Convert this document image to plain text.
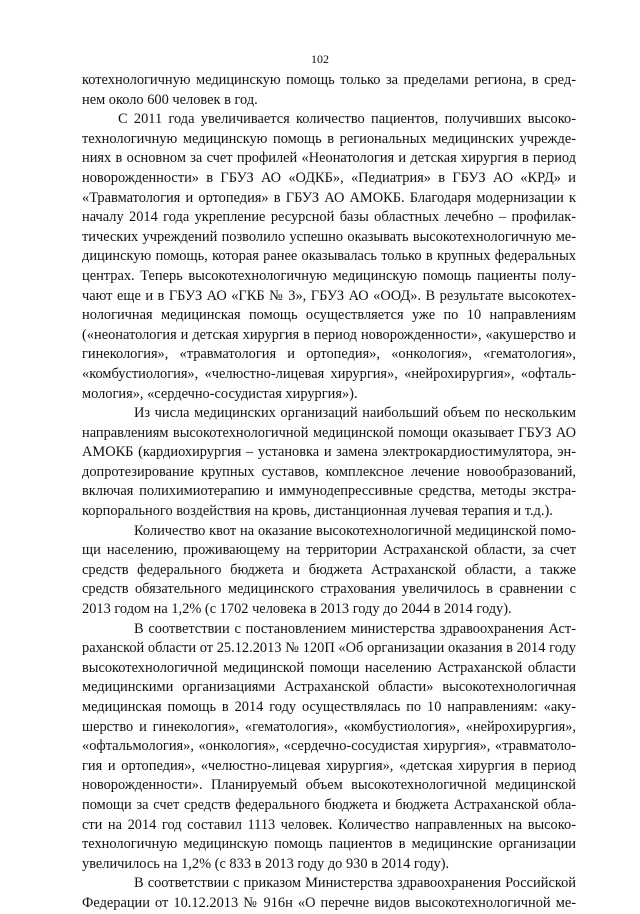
102
котехнологичную медицинскую помощь только за пределами региона, в сред-
нем около 600 человек в год.
С 2011 года увеличивается количество пациентов, получивших высоко-
технологичную медицинскую помощь в региональных медицинских учрежде-
ниях в основном за счет профилей «Неонатология и детская хирургия в период
новорожденности» в ГБУЗ АО «ОДКБ», «Педиатрия» в ГБУЗ АО «КРД» и
«Травматология и ортопедия» в ГБУЗ АО АМОКБ. Благодаря модернизации к
началу 2014 года укрепление ресурсной базы областных лечебно – профилак-
тических учреждений позволило успешно оказывать высокотехнологичную ме-
дицинскую помощь, которая ранее оказывалась только в крупных федеральных
центрах. Теперь высокотехнологичную медицинскую помощь пациенты полу-
чают еще и в ГБУЗ АО «ГКБ № 3», ГБУЗ АО «ООД». В результате высокотех-
нологичная медицинская помощь осуществляется уже по 10 направлениям
(«неонатология и детская хирургия в период новорожденности», «акушерство и
гинекология», «травматология и ортопедия», «онкология», «гематология»,
«комбустиология», «челюстно-лицевая хирургия», «нейрохирургия», «офталь-
мология», «сердечно-сосудистая хирургия»).
Из числа медицинских организаций наибольший объем по нескольким
направлениям высокотехнологичной медицинской помощи оказывает ГБУЗ АО
АМОКБ (кардиохирургия – установка и замена электрокардиостимулятора, эн-
допротезирование крупных суставов, комплексное лечение новообразований,
включая полихимиотерапию и иммунодепрессивные средства, методы экстра-
корпорального воздействия на кровь, дистанционная лучевая терапия и т.д.).
Количество квот на оказание высокотехнологичной медицинской помо-
щи населению, проживающему на территории Астраханской области, за счет
средств федерального бюджета и бюджета Астраханской области, а также
средств обязательного медицинского страхования увеличилось в сравнении с
2013 годом на 1,2% (с 1702 человека в 2013 году до 2044 в 2014 году).
В соответствии с постановлением министерства здравоохранения Аст-
раханской области от 25.12.2013 № 120П «Об организации оказания в 2014 году
высокотехнологичной медицинской помощи населению Астраханской области
медицинскими организациями Астраханской области» высокотехнологичная
медицинская помощь в 2014 году осуществлялась по 10 направлениям: «аку-
шерство и гинекология», «гематология», «комбустиология», «нейрохирургия»,
«офтальмология», «онкология», «сердечно-сосудистая хирургия», «травматоло-
гия и ортопедия», «челюстно-лицевая хирургия», «детская хирургия в период
новорожденности». Планируемый объем высокотехнологичной медицинской
помощи за счет средств федерального бюджета и бюджета Астраханской обла-
сти на 2014 год составил 1113 человек. Количество направленных на высоко-
технологичную медицинскую помощь пациентов в медицинские организации
увеличилось на 1,2% (с 833 в 2013 году до 930 в 2014 году).
В соответствии с приказом Министерства здравоохранения Российской
Федерации от 10.12.2013 № 916н «О перечне видов высокотехнологичной ме-
